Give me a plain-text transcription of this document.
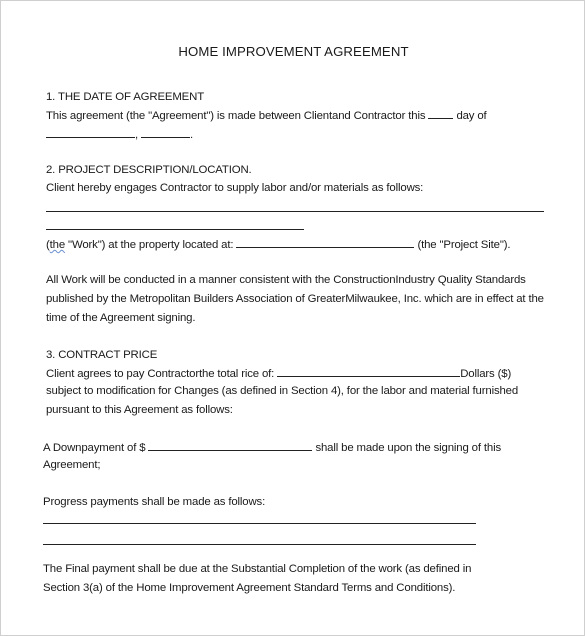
HOME IMPROVEMENT AGREEMENT
1. THE DATE OF AGREEMENT
This agreement (the "Agreement") is made between Clientand Contractor this	day of
,	.
2. PROJECT DESCRIPTION/LOCATION.
Client hereby engages Contractor to supply labor and/or materials as follows:
(the "Work") at the property located at:	(the "Project Site").
All Work will be conducted in a manner consistent with the ConstructionIndustry Quality Standards
published by the Metropolitan Builders Association of GreaterMilwaukee, Inc. which are in effect at the
time of the Agreement signing.
3. CONTRACT PRICE
Client agrees to pay Contractorthe total rice of:	Dollars ($)
subject to modification for Changes (as defined in Section 4), for the labor and material furnished
pursuant to this Agreement as follows:
A Downpayment of $	shall be made upon the signing of this
Agreement;
Progress payments shall be made as follows:
The Final payment shall be due at the Substantial Completion of the work (as defined in
Section 3(a) of the Home Improvement Agreement Standard Terms and Conditions).
